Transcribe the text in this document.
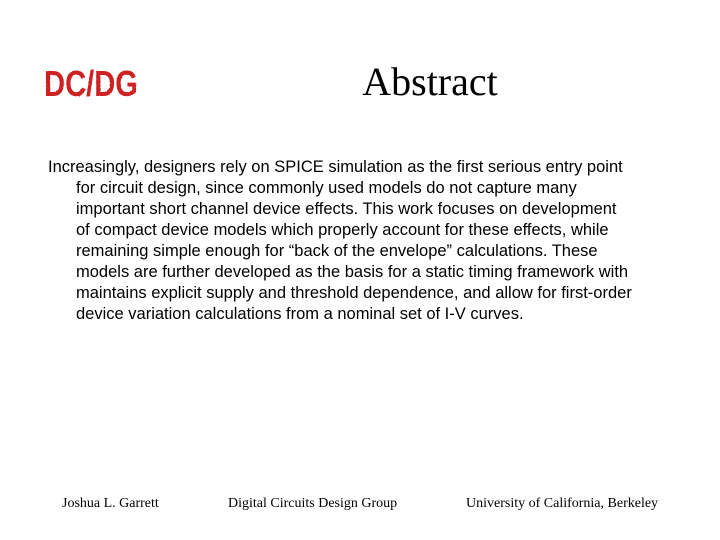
DC/DG	Abstract
Increasingly, designers rely on SPICE simulation as the first serious entry point
for circuit design, since commonly used models do not capture many
important short channel device effects. This work focuses on development
of compact device models which properly account for these effects, while
remaining simple enough for “back of the envelope” calculations. These
models are further developed as the basis for a static timing framework with
maintains explicit supply and threshold dependence, and allow for first-order
device variation calculations from a nominal set of I-V curves.
Joshua L. Garrett	Digital Circuits Design Group	University of California, Berkeley
